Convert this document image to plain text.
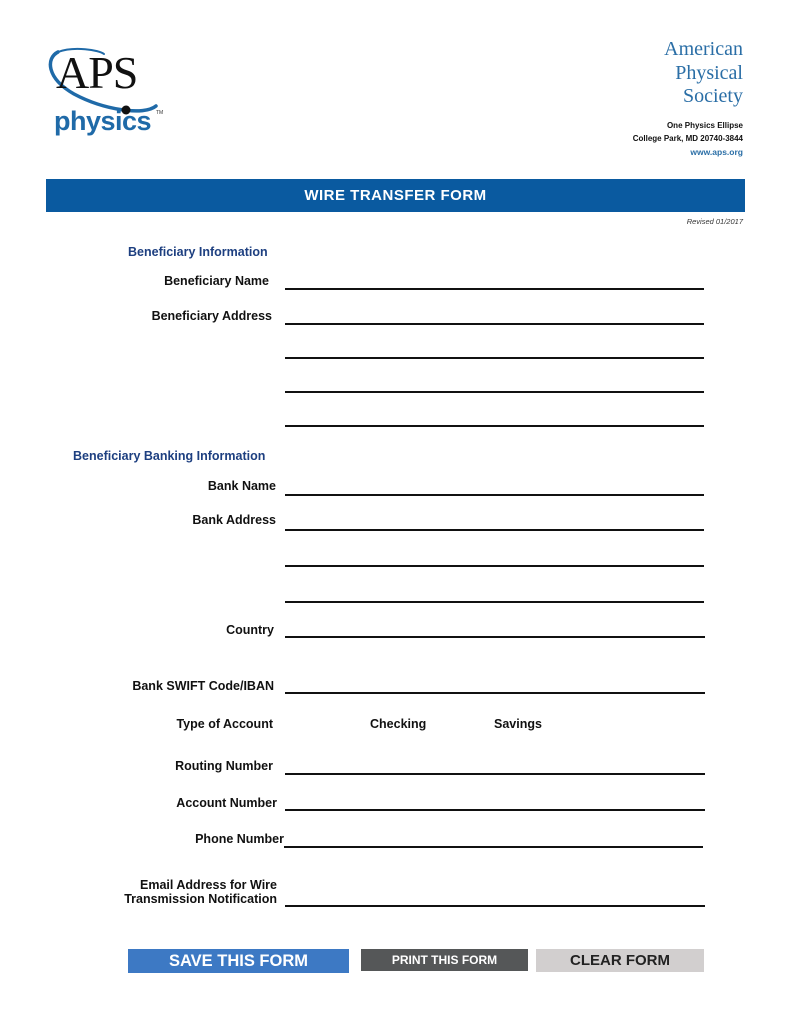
APS
physics TM
American
Physical
Society
One Physics Ellipse
College Park, MD 20740-3844
www.aps.org
WIRE TRANSFER FORM
Revised 01/2017
Beneficiary Information
Beneficiary Name
Beneficiary Address
Beneficiary Banking Information
Bank Name
Bank Address
Country
Bank SWIFT Code/IBAN
Type of Account	Checking	Savings
Routing Number
Account Number
Phone Number
Email Address for Wire
Transmission Notification
SAVE THIS FORM	PRINT THIS FORM	CLEAR FORM
